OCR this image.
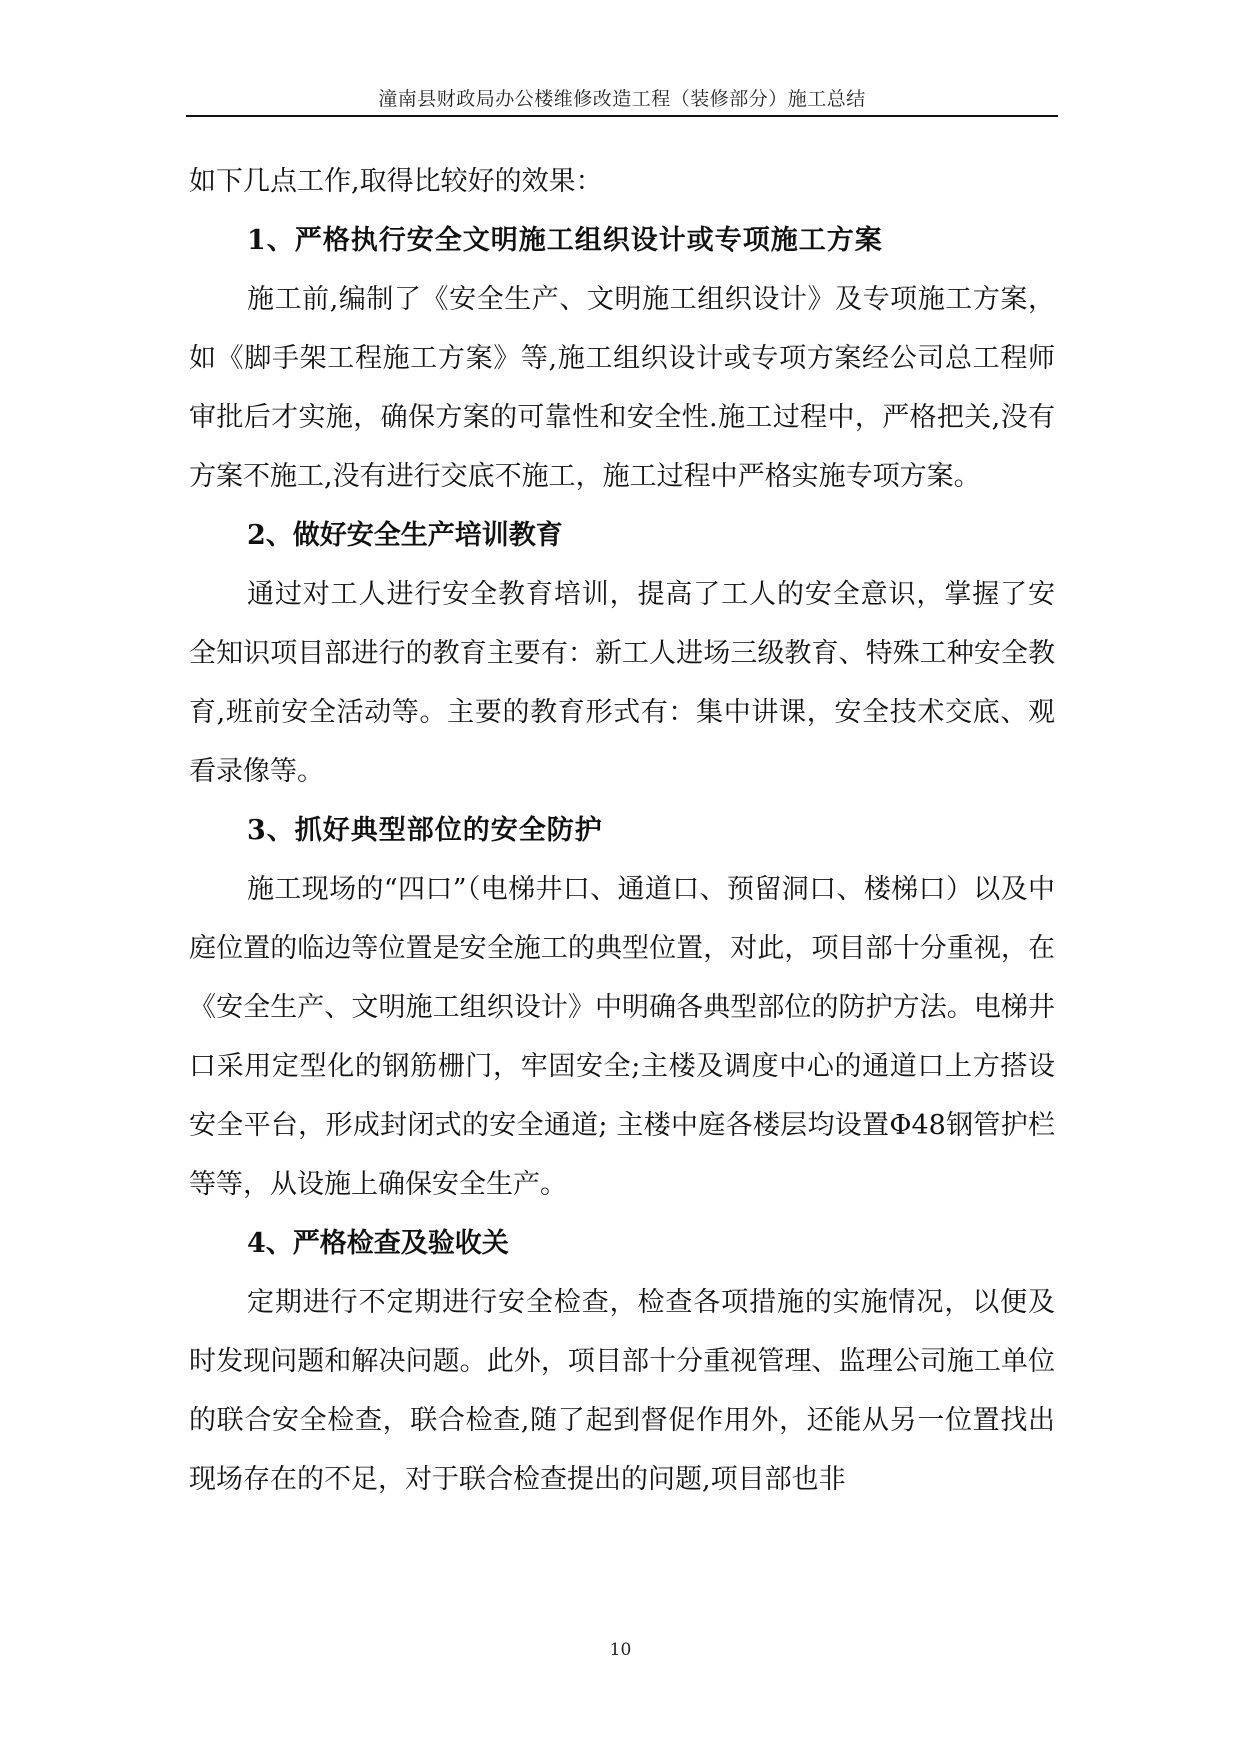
潼南县财政局办公楼维修改造工程（装修部分）施工总结

如下几点工作,取得比较好的效果：

1、严格执行安全文明施工组织设计或专项施工方案

施工前,编制了《安全生产、文明施工组织设计》及专项施工方案，如《脚手架工程施工方案》等,施工组织设计或专项方案经公司总工程师审批后才实施，确保方案的可靠性和安全性.施工过程中，严格把关,没有方案不施工,没有进行交底不施工，施工过程中严格实施专项方案。

2、做好安全生产培训教育

通过对工人进行安全教育培训，提高了工人的安全意识，掌握了安全知识项目部进行的教育主要有：新工人进场三级教育、特殊工种安全教育,班前安全活动等。主要的教育形式有：集中讲课，安全技术交底、观看录像等。

3、抓好典型部位的安全防护

施工现场的“四口”（电梯井口、通道口、预留洞口、楼梯口）以及中庭位置的临边等位置是安全施工的典型位置，对此，项目部十分重视，在《安全生产、文明施工组织设计》中明确各典型部位的防护方法。电梯井口采用定型化的钢筋栅门，牢固安全;主楼及调度中心的通道口上方搭设安全平台，形成封闭式的安全通道; 主楼中庭各楼层均设置Φ48钢管护栏等等，从设施上确保安全生产。

4、严格检查及验收关

定期进行不定期进行安全检查，检查各项措施的实施情况，以便及时发现问题和解决问题。此外，项目部十分重视管理、监理公司施工单位的联合安全检查，联合检查,随了起到督促作用外，还能从另一位置找出现场存在的不足，对于联合检查提出的问题,项目部也非

10
